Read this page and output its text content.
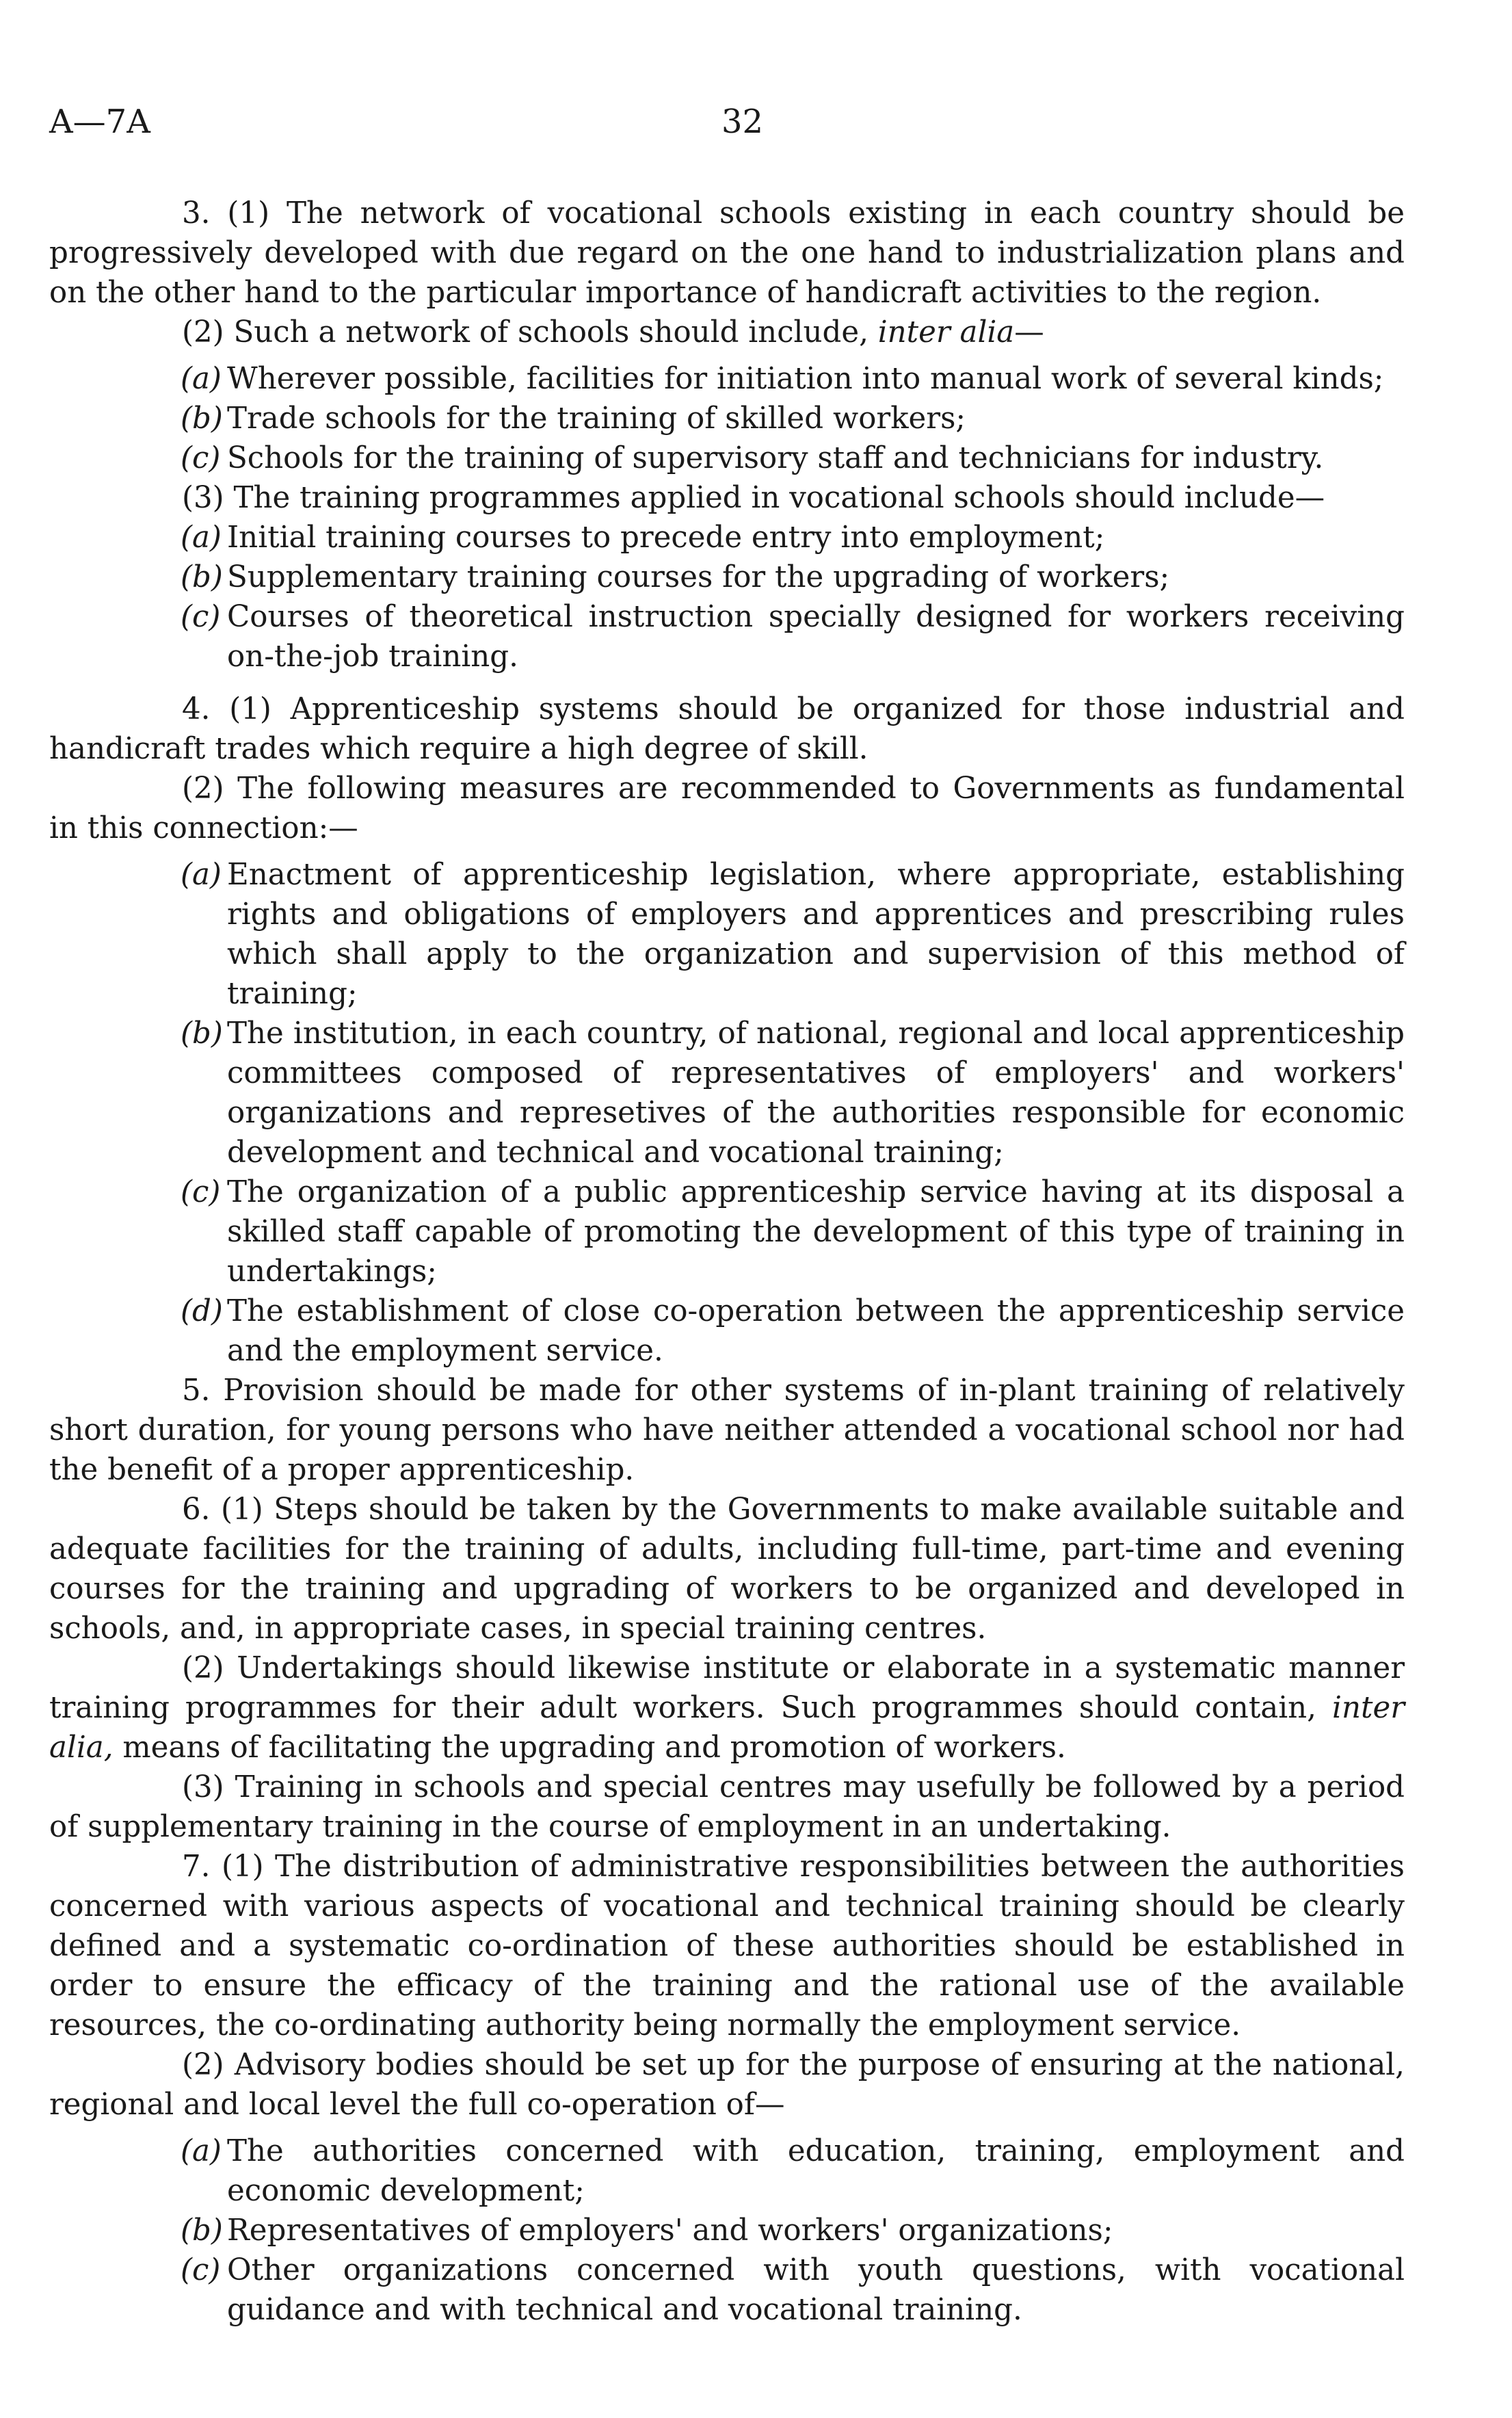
A—7A	32

3. (1) The network of vocational schools existing in each country should be progressively developed with due regard on the one hand to industrialization plans and on the other hand to the particular importance of handicraft activities to the region.

(2) Such a network of schools should include, inter alia—

(a) Wherever possible, facilities for initiation into manual work of several kinds;

(b) Trade schools for the training of skilled workers;

(c) Schools for the training of supervisory staff and technicians for industry.

(3) The training programmes applied in vocational schools should include—

(a) Initial training courses to precede entry into employment;

(b) Supplementary training courses for the upgrading of workers;

(c) Courses of theoretical instruction specially designed for workers receiving on-the-job training.

4. (1) Apprenticeship systems should be organized for those industrial and handicraft trades which require a high degree of skill.

(2) The following measures are recommended to Governments as fundamental in this connection:—

(a) Enactment of apprenticeship legislation, where appropriate, establishing rights and obligations of employers and apprentices and prescribing rules which shall apply to the organization and supervision of this method of training;

(b) The institution, in each country, of national, regional and local apprenticeship committees composed of representatives of employers' and workers' organizations and represetives of the authorities responsible for economic development and technical and vocational training;

(c) The organization of a public apprenticeship service having at its disposal a skilled staff capable of promoting the development of this type of training in undertakings;

(d) The establishment of close co-operation between the apprenticeship service and the employment service.

5. Provision should be made for other systems of in-plant training of relatively short duration, for young persons who have neither attended a vocational school nor had the benefit of a proper apprenticeship.

6. (1) Steps should be taken by the Governments to make available suitable and adequate facilities for the training of adults, including full-time, part-time and evening courses for the training and upgrading of workers to be organized and developed in schools, and, in appropriate cases, in special training centres.

(2) Undertakings should likewise institute or elaborate in a systematic manner training programmes for their adult workers. Such programmes should contain, inter alia, means of facilitating the upgrading and promotion of workers.

(3) Training in schools and special centres may usefully be followed by a period of supplementary training in the course of employment in an undertaking.

7. (1) The distribution of administrative responsibilities between the authorities concerned with various aspects of vocational and technical training should be clearly defined and a systematic co-ordination of these authorities should be established in order to ensure the efficacy of the training and the rational use of the available resources, the co-ordinating authority being normally the employment service.

(2) Advisory bodies should be set up for the purpose of ensuring at the national, regional and local level the full co-operation of—

(a) The authorities concerned with education, training, employment and economic development;

(b) Representatives of employers' and workers' organizations;

(c) Other organizations concerned with youth questions, with vocational guidance and with technical and vocational training.
